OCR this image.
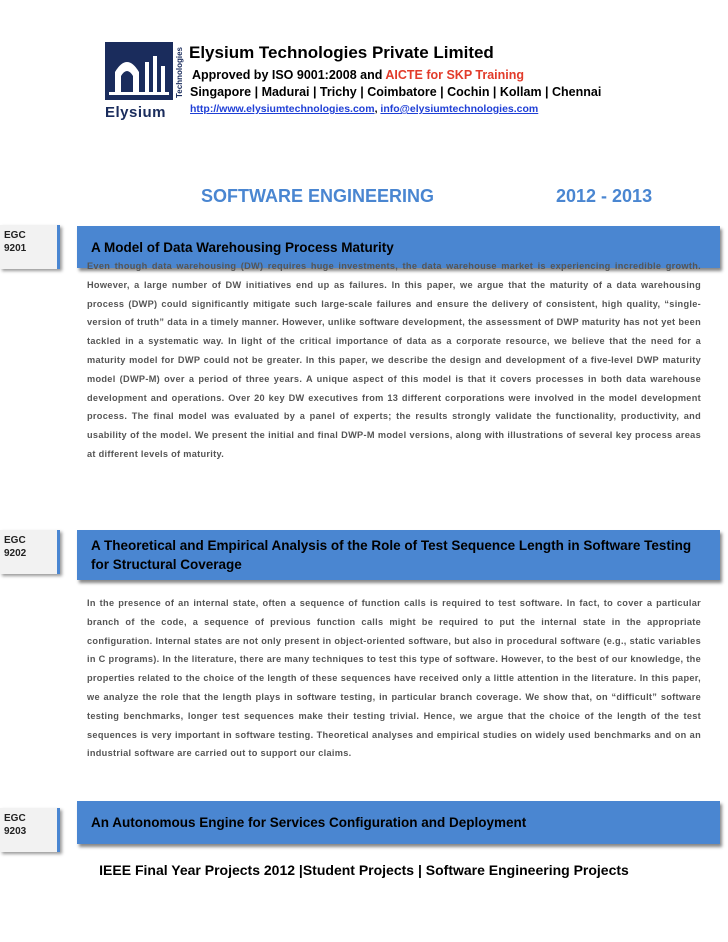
Technologies
Elysium
Elysium Technologies Private Limited
Approved by ISO 9001:2008 and AICTE for SKP Training
Singapore | Madurai | Trichy | Coimbatore | Cochin | Kollam | Chennai
http://www.elysiumtechnologies.com, info@elysiumtechnologies.com
SOFTWARE ENGINEERING	2012 - 2013
EGC
9201	A Model of Data Warehousing Process Maturity

Even though data warehousing (DW) requires huge investments, the data warehouse market is experiencing incredible growth. However, a large number of DW initiatives end up as failures. In this paper, we argue that the maturity of a data warehousing process (DWP) could significantly mitigate such large-scale failures and ensure the delivery of consistent, high quality, “single-version of truth” data in a timely manner. However, unlike software development, the assessment of DWP maturity has not yet been tackled in a systematic way. In light of the critical importance of data as a corporate resource, we believe that the need for a maturity model for DWP could not be greater. In this paper, we describe the design and development of a five-level DWP maturity model (DWP-M) over a period of three years. A unique aspect of this model is that it covers processes in both data warehouse development and operations. Over 20 key DW executives from 13 different corporations were involved in the model development process. The final model was evaluated by a panel of experts; the results strongly validate the functionality, productivity, and usability of the model. We present the initial and final DWP-M model versions, along with illustrations of several key process areas at different levels of maturity.

EGC
9202
A Theoretical and Empirical Analysis of the Role of Test Sequence Length in Software Testing for Structural Coverage

In the presence of an internal state, often a sequence of function calls is required to test software. In fact, to cover a particular branch of the code, a sequence of previous function calls might be required to put the internal state in the appropriate configuration. Internal states are not only present in object-oriented software, but also in procedural software (e.g., static variables in C programs). In the literature, there are many techniques to test this type of software. However, to the best of our knowledge, the properties related to the choice of the length of these sequences have received only a little attention in the literature. In this paper, we analyze the role that the length plays in software testing, in particular branch coverage. We show that, on “difficult” software testing benchmarks, longer test sequences make their testing trivial. Hence, we argue that the choice of the length of the test sequences is very important in software testing. Theoretical analyses and empirical studies on widely used benchmarks and on an industrial software are carried out to support our claims.

EGC
9203
An Autonomous Engine for Services Configuration and Deployment
IEEE Final Year Projects 2012 |Student Projects | Software Engineering Projects
